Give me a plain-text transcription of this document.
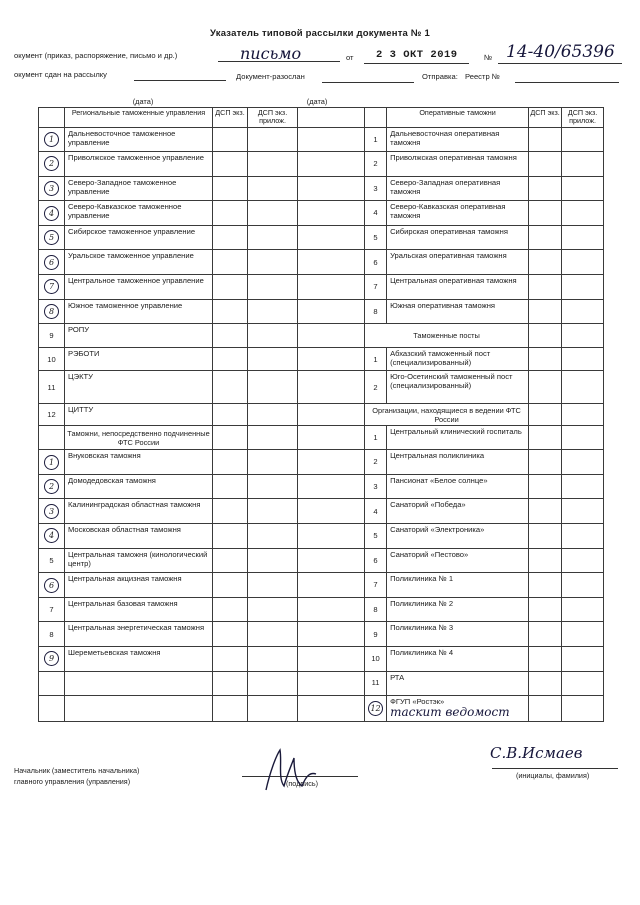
Указатель типовой рассылки документа № 1
окумент (приказ, распоряжение, письмо и др.)	письмо	от 2 3 ОКТ 2019	№ 14-40/65396
окумент сдан на рассылку	Документ-разослан	Отправка: Реестр №
(дата)			(дата)					
	Региональные таможенные управления	ДСП экз.	ДСП экз. прилож.			Оперативные таможни	ДСП экз.	ДСП экз. прилож.
1	Дальневосточное таможенное управление				1	Дальневосточная оперативная таможня		
2	Приволжское таможенное управление				2	Приволжская оперативная таможня		
3	Северо-Западное таможенное управление				3	Северо-Западная оперативная таможня		
4	Северо-Кавказское таможенное управление				4	Северо-Кавказская оперативная таможня		
5	Сибирское таможенное управление				5	Сибирская оперативная таможня		
6	Уральское таможенное управление				6	Уральская оперативная таможня		
7	Центральное таможенное управление				7	Центральная оперативная таможня		
8	Южное таможенное управление				8	Южная оперативная таможня		
9	РОПУ				Таможенные посты			
10	РЭБОТИ				1	Абхазский таможенный пост (специализированный)		
11	ЦЭКТУ				2	Юго-Осетинский таможенный пост (специализированный)		
12	ЦИТТУ				Организации, находящиеся в ведении ФТС России			
	Таможни, непосредственно подчиненные ФТС России				1	Центральный клинический госпиталь		
1	Внуковская таможня				2	Центральная поликлиника		
2	Домодедовская таможня				3	Пансионат «Белое солнце»		
3	Калининградская областная таможня				4	Санаторий «Победа»		
4	Московская областная таможня				5	Санаторий «Электроника»		
5	Центральная таможня (кинологический центр)				6	Санаторий «Пестово»		
6	Центральная акцизная таможня				7	Поликлиника № 1		
7	Центральная базовая таможня				8	Поликлиника № 2		
8	Центральная энергетическая таможня				9	Поликлиника № 3		
9	Шереметьевская таможня				10	Поликлиника № 4		
					11	РТА		
					12	ФГУП «Ростэк»
таскит ведомост		

Начальник (заместитель начальника)
главного управления (управления)	(подпись)
(инициалы, фамилия)
С.В.Исмаев
